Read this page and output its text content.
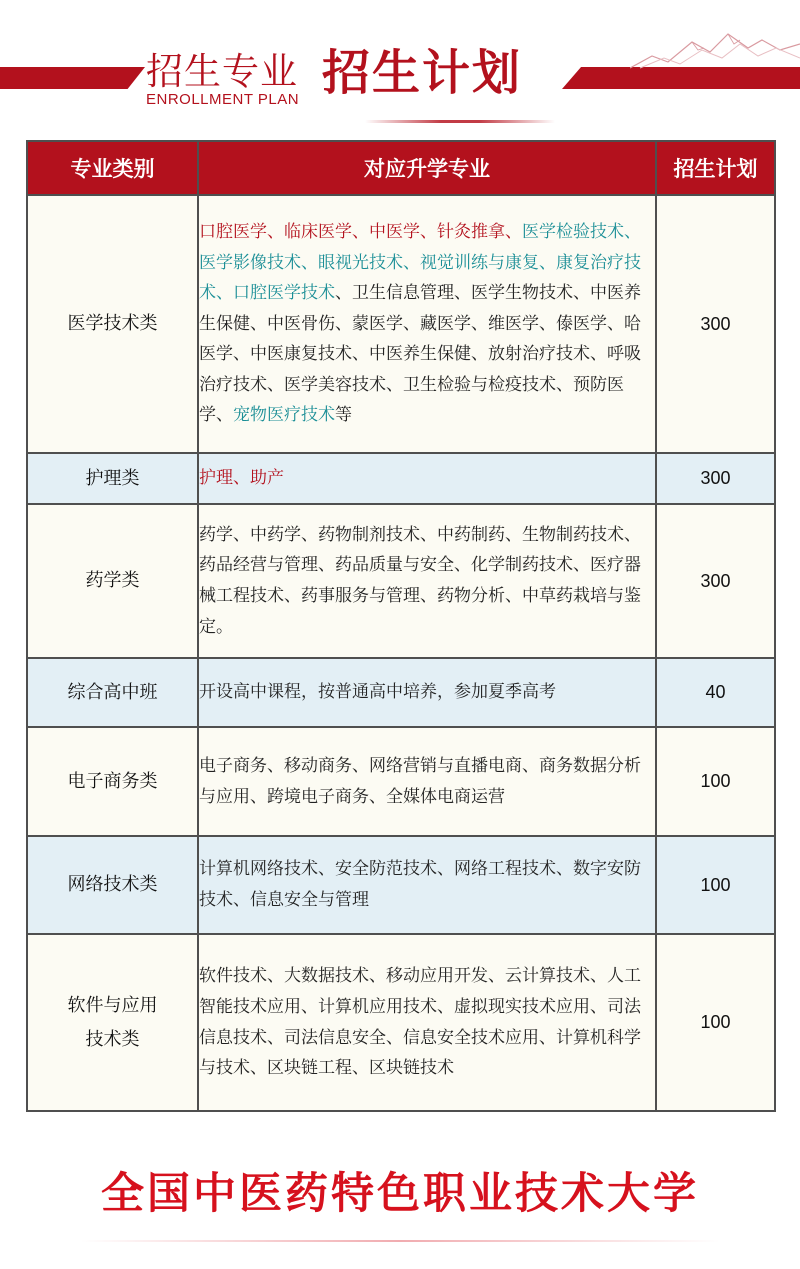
招生专业 招生计划
ENROLLMENT PLAN
专业类别	对应升学专业	招生计划
医学技术类	口腔医学、临床医学、中医学、针灸推拿、医学检验技术、医学影像技术、眼视光技术、视觉训练与康复、康复治疗技术、口腔医学技术、卫生信息管理、医学生物技术、中医养生保健、中医骨伤、蒙医学、藏医学、维医学、傣医学、哈医学、中医康复技术、中医养生保健、放射治疗技术、呼吸治疗技术、医学美容技术、卫生检验与检疫技术、预防医学、宠物医疗技术等	300
护理类	护理、助产	300
药学类	药学、中药学、药物制剂技术、中药制药、生物制药技术、药品经营与管理、药品质量与安全、化学制药技术、医疗器械工程技术、药事服务与管理、药物分析、中草药栽培与鉴定。	300
综合高中班	开设高中课程，按普通高中培养，参加夏季高考	40
电子商务类	电子商务、移动商务、网络营销与直播电商、商务数据分析与应用、跨境电子商务、全媒体电商运营	100
网络技术类	计算机网络技术、安全防范技术、网络工程技术、数字安防技术、信息安全与管理	100
软件与应用
技术类	软件技术、大数据技术、移动应用开发、云计算技术、人工智能技术应用、计算机应用技术、虚拟现实技术应用、司法信息技术、司法信息安全、信息安全技术应用、计算机科学与技术、区块链工程、区块链技术	100
全国中医药特色职业技术大学
